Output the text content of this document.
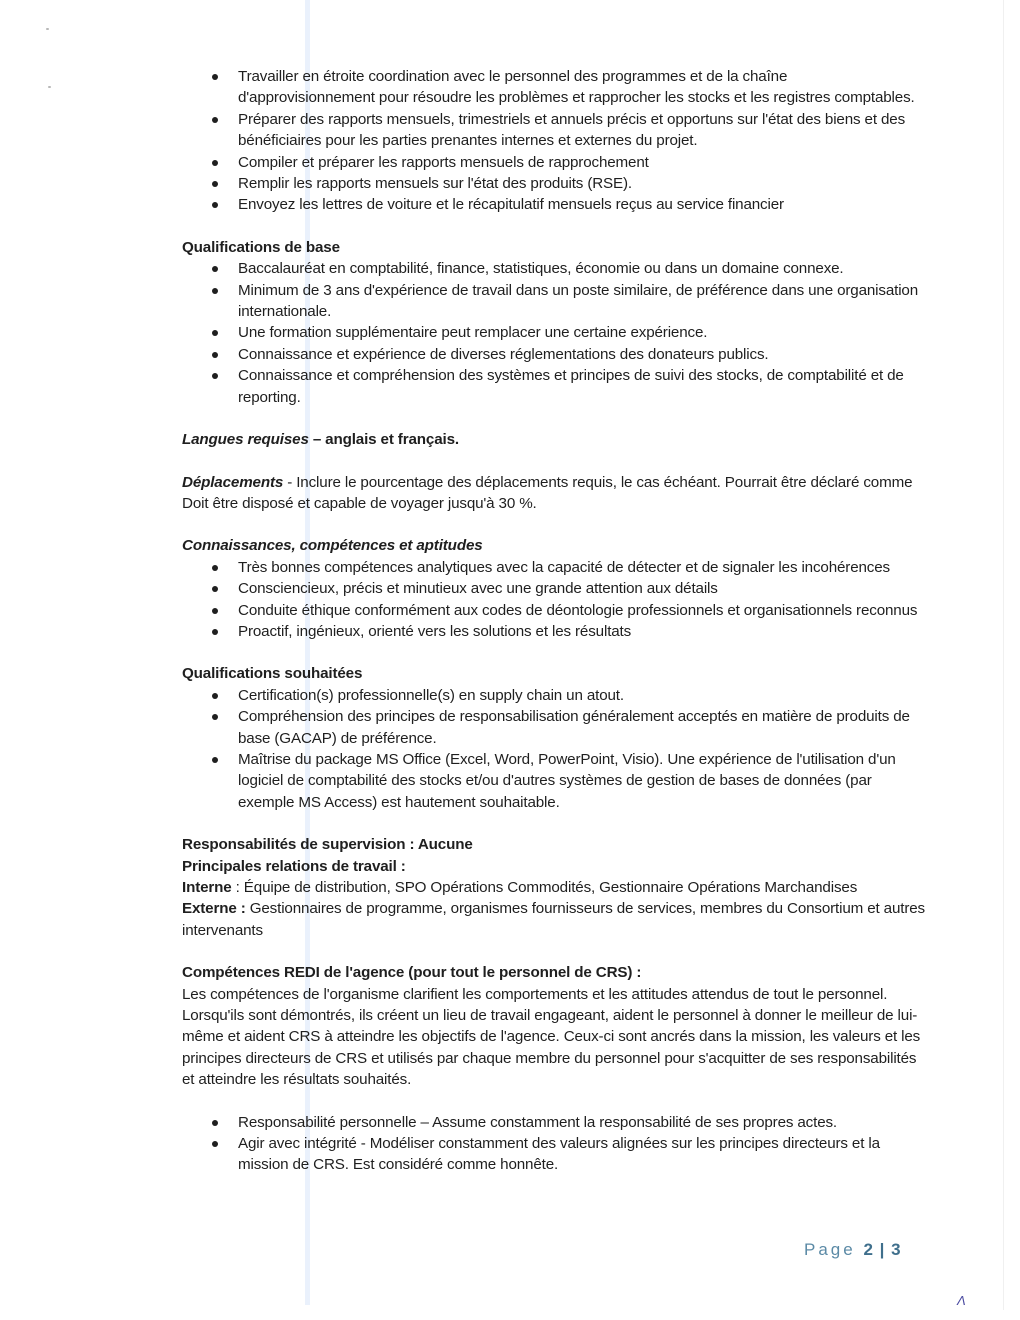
Travailler en étroite coordination avec le personnel des programmes et de la chaîne d'approvisionnement pour résoudre les problèmes et rapprocher les stocks et les registres comptables.
Préparer des rapports mensuels, trimestriels et annuels précis et opportuns sur l'état des biens et des bénéficiaires pour les parties prenantes internes et externes du projet.
Compiler et préparer les rapports mensuels de rapprochement
Remplir les rapports mensuels sur l'état des produits (RSE).
Envoyez les lettres de voiture et le récapitulatif mensuels reçus au service financier
Qualifications de base
Baccalauréat en comptabilité, finance, statistiques, économie ou dans un domaine connexe.
Minimum de 3 ans d'expérience de travail dans un poste similaire, de préférence dans une organisation internationale.
Une formation supplémentaire peut remplacer une certaine expérience.
Connaissance et expérience de diverses réglementations des donateurs publics.
Connaissance et compréhension des systèmes et principes de suivi des stocks, de comptabilité et de reporting.

Langues requises – anglais et français.

Déplacements - Inclure le pourcentage des déplacements requis, le cas échéant. Pourrait être déclaré comme Doit être disposé et capable de voyager jusqu'à 30 %.

Connaissances, compétences et aptitudes
Très bonnes compétences analytiques avec la capacité de détecter et de signaler les incohérences
Consciencieux, précis et minutieux avec une grande attention aux détails
Conduite éthique conformément aux codes de déontologie professionnels et organisationnels reconnus
Proactif, ingénieux, orienté vers les solutions et les résultats
Qualifications souhaitées
Certification(s) professionnelle(s) en supply chain un atout.
Compréhension des principes de responsabilisation généralement acceptés en matière de produits de base (GACAP) de préférence.
Maîtrise du package MS Office (Excel, Word, PowerPoint, Visio). Une expérience de l'utilisation d'un logiciel de comptabilité des stocks et/ou d'autres systèmes de gestion de bases de données (par exemple MS Access) est hautement souhaitable.
Responsabilités de supervision : Aucune
Principales relations de travail :

Interne : Équipe de distribution, SPO Opérations Commodités, Gestionnaire Opérations Marchandises

Externe : Gestionnaires de programme, organismes fournisseurs de services, membres du Consortium et autres intervenants

Compétences REDI de l'agence (pour tout le personnel de CRS) :

Les compétences de l'organisme clarifient les comportements et les attitudes attendus de tout le personnel. Lorsqu'ils sont démontrés, ils créent un lieu de travail engageant, aident le personnel à donner le meilleur de lui-même et aident CRS à atteindre les objectifs de l'agence. Ceux-ci sont ancrés dans la mission, les valeurs et les principes directeurs de CRS et utilisés par chaque membre du personnel pour s'acquitter de ses responsabilités et atteindre les résultats souhaités.

Responsabilité personnelle – Assume constamment la responsabilité de ses propres actes.
Agir avec intégrité - Modéliser constamment des valeurs alignées sur les principes directeurs et la mission de CRS. Est considéré comme honnête.
Page 2 | 3
Λ
